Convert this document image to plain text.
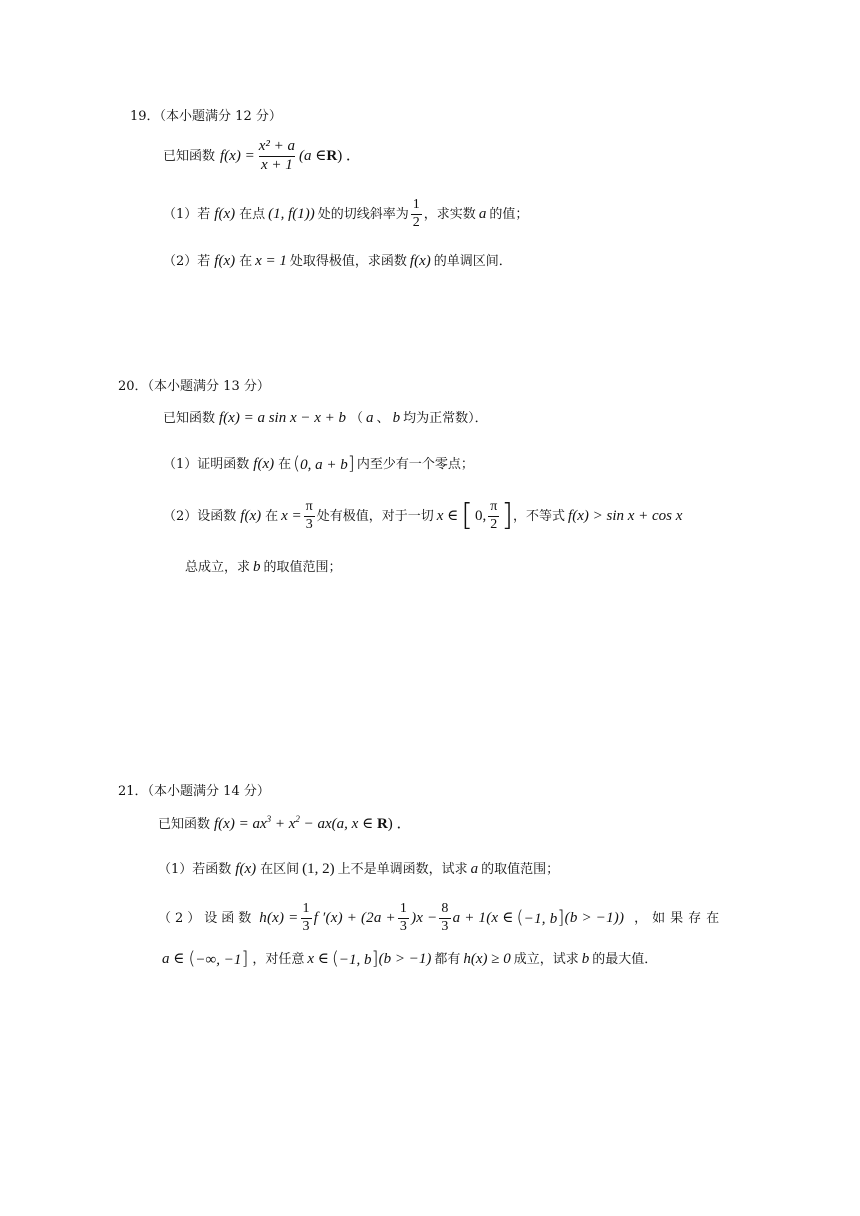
19．（本小题满分 12 分）
已知函数 $f(x) = \frac{\text{x² + a}}{x + 1} (a$ ∈ R ) ．
（1）若 f(x) 在点 (1, f(1)) 处的切线斜率为 $\frac{1}{2}$ ，求实数 a 的值；
（2）若 f(x) 在 x = 1 处取得极值，求函数 f(x) 的单调区间．
20．（本小题满分 13 分）
已知函数 f(x) = a sin x − x + b （ a 、 b 均为正常数）．
（1）证明函数 f(x) 在 (0, a + b] 内至少有一个零点；
（2）设函数 f(x) 在 $x = \frac{\pi}{3}$ 处有极值，对于一切 x ∈ [ 0, $\frac{\pi}{2}$ ] ，不等式 f(x) > sin x + cos x
总成立，求 b 的取值范围；
21．（本小题满分 14 分）
已知函数 $f(x) = ax^3 + x^2 - ax(a$, x ∈ R) ．
（1）若函数 f(x) 在区间 (1, 2) 上不是单调函数，试求 a 的取值范围；
（2）设函数 $h(x) = \frac{1}{3}$ f $'(x) + (2a + \frac{1}{3} )x - \frac{8}{3}$ a + 1(x ∈ (−1, b] (b > −1)) ，如果存在
a ∈ (−∞, −1] ，对任意 x ∈ (−1, b] (b > −1) 都有 h(x) ≥ 0 成立，试求 b 的最大值．
